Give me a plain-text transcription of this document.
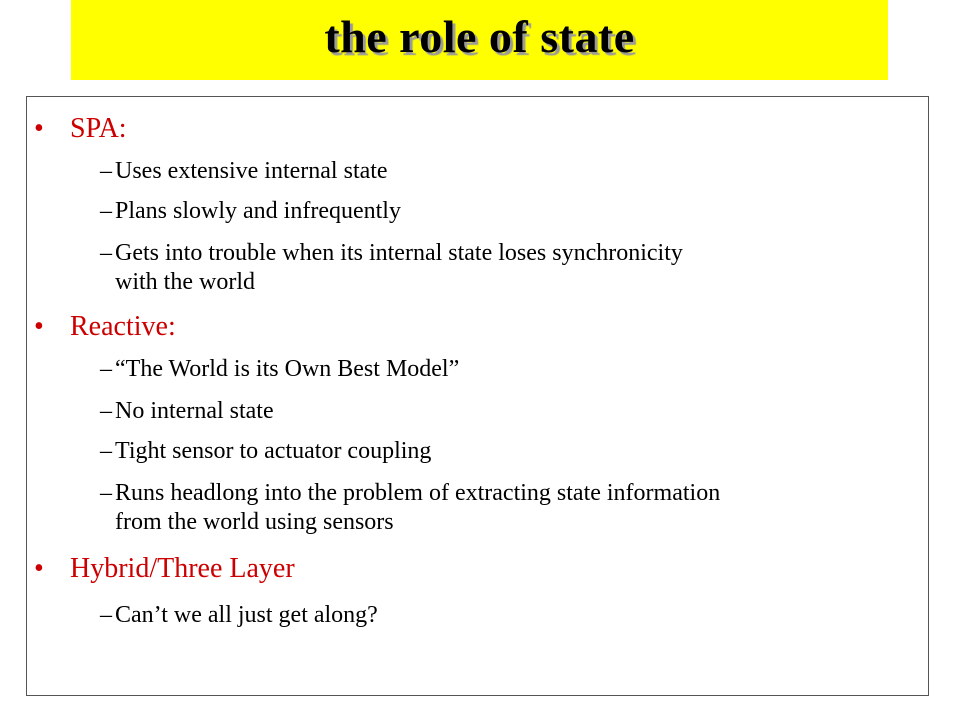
the role of state
• SPA:
– Uses extensive internal state
– Plans slowly and infrequently
– Gets into trouble when its internal state loses synchronicity
with the world
• Reactive:
– “The World is its Own Best Model”
– No internal state
– Tight sensor to actuator coupling
– Runs headlong into the problem of extracting state information
from the world using sensors
• Hybrid/Three Layer
– Can’t we all just get along?
